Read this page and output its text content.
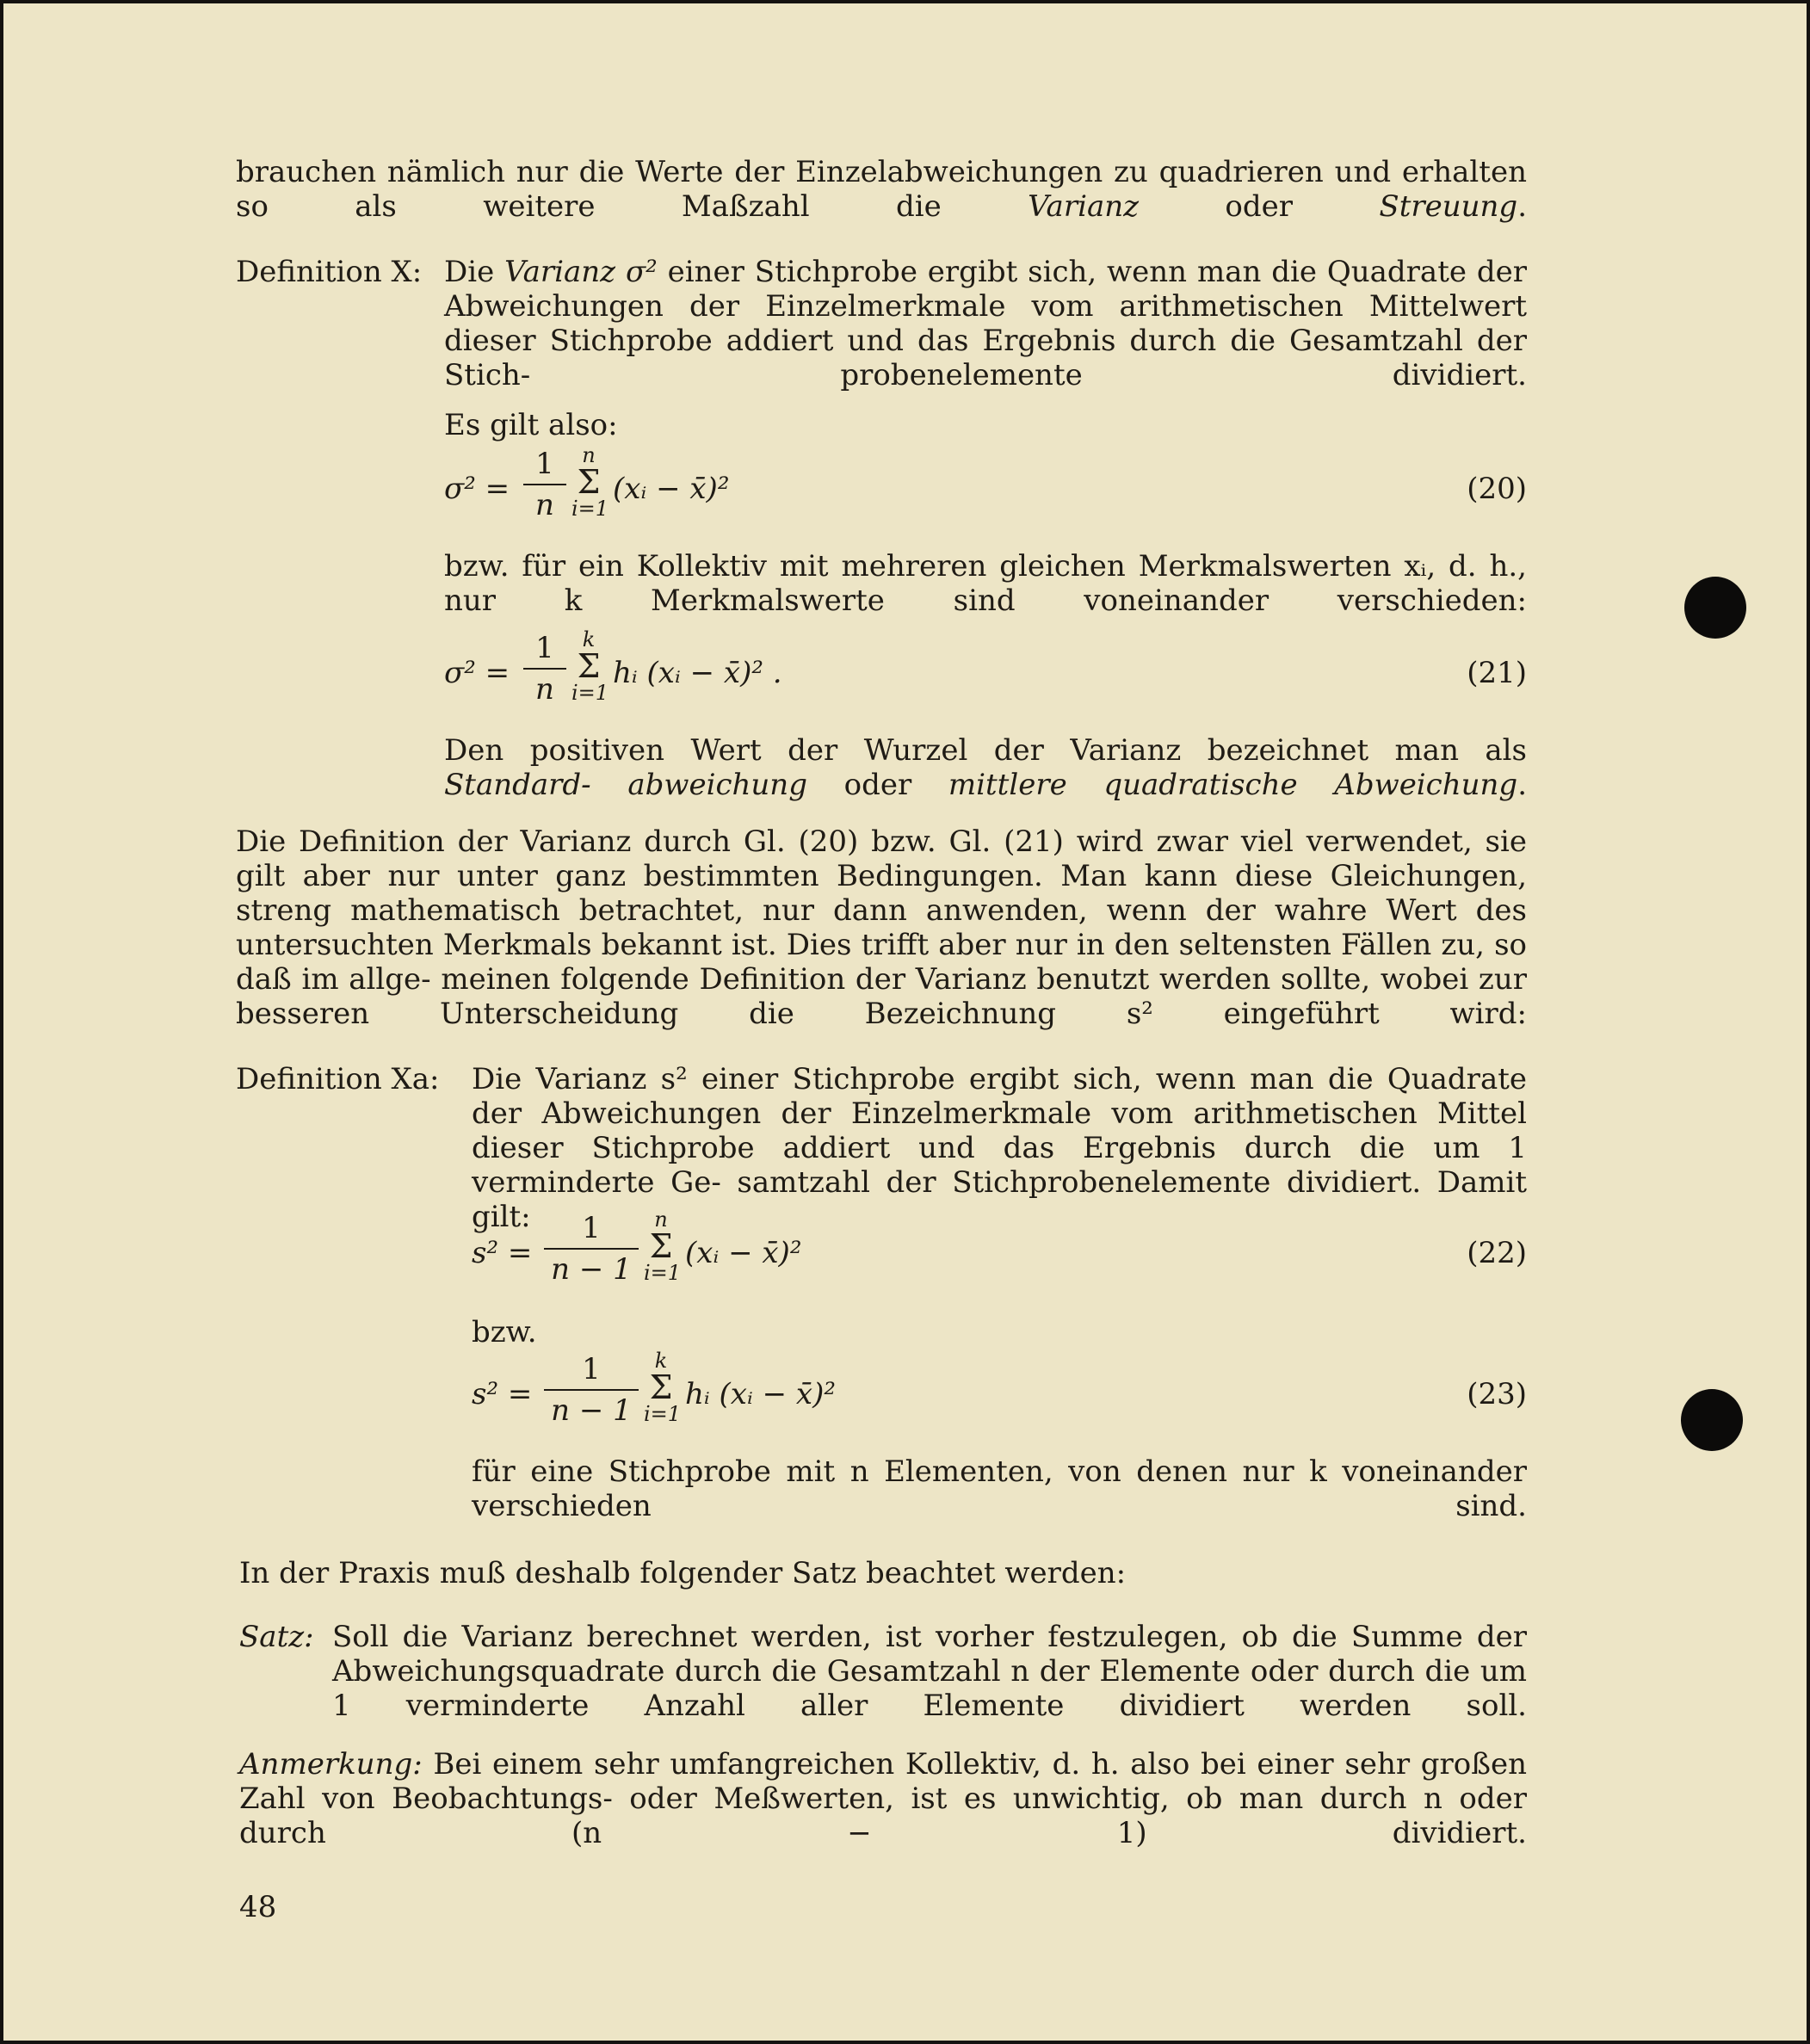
brauchen nämlich nur die Werte der Einzelabweichungen zu quadrieren und erhalten so als weitere Maßzahl die	Varianz	oder	Streuung.
Definition X: Die Varianz σ² einer Stichprobe ergibt sich, wenn man die Quadrate der Abweichungen der Einzelmerkmale vom arithmetischen Mittelwert dieser Stichprobe addiert und das Ergebnis durch die Gesamtzahl der Stich-	probenelemente dividiert.
Es gilt also:
$\sigma^2 = \frac{1}{n}$ n
Σ
i=1
(xᵢ − x̄)²	(20)
bzw. für ein Kollektiv mit mehreren gleichen Merkmalswerten xᵢ, d. h., nur k Merkmalswerte sind voneinander verschieden:
$\sigma^2 = \frac{1}{n}$ k
Σ
i=1
hᵢ (xᵢ − x̄)² .	(21)
Den positiven Wert der Wurzel der Varianz bezeichnet man als Standard- abweichung oder mittlere quadratische Abweichung.
Die Definition der Varianz durch Gl. (20) bzw. Gl. (21) wird zwar viel verwendet, sie gilt aber nur unter ganz bestimmten Bedingungen. Man kann diese Gleichungen, streng mathematisch betrachtet, nur dann anwenden, wenn der wahre Wert des untersuchten Merkmals bekannt ist. Dies trifft aber nur in den seltensten Fällen zu, so daß im allge- meinen folgende Definition der Varianz benutzt werden sollte, wobei zur besseren Unterscheidung die Bezeichnung s² eingeführt wird:
Definition Xa: Die Varianz s² einer Stichprobe ergibt sich, wenn man die Quadrate der Abweichungen der Einzelmerkmale vom arithmetischen Mittel dieser Stichprobe addiert und das Ergebnis durch die um 1 verminderte Ge- samtzahl der Stichprobenelemente dividiert. Damit gilt:
$s^2 = \frac{1}{n - 1}$ n
Σ
i=1
(xᵢ − x̄)²	(22)
bzw.
$s^2 = \frac{1}{n - 1}$ k
Σ
i=1
hᵢ (xᵢ − x̄)²	(23)
für eine Stichprobe mit n Elementen, von denen nur k voneinander verschieden sind.
In der Praxis muß deshalb folgender Satz beachtet werden:
Satz: Soll die Varianz berechnet werden, ist vorher festzulegen, ob die Summe der Abweichungsquadrate durch die Gesamtzahl n der Elemente oder durch die um 1 verminderte Anzahl aller Elemente dividiert werden soll.
Anmerkung: Bei einem sehr umfangreichen Kollektiv, d. h. also bei einer sehr großen Zahl von Beobachtungs- oder Meßwerten, ist es unwichtig, ob man durch n oder durch	(n − 1) dividiert.
48
